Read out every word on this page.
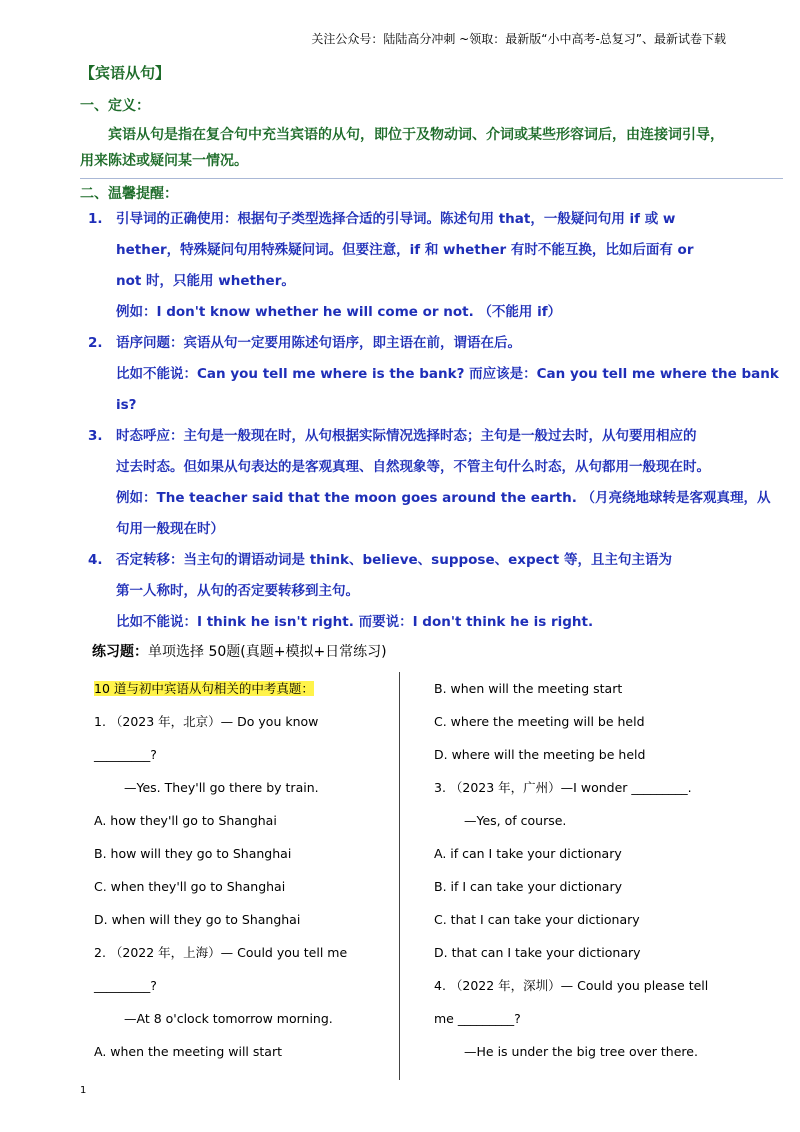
关注公众号：陆陆高分冲刺 ~领取：最新版“小中高考-总复习”、最新试卷下载
【宾语从句】
一、定义：
宾语从句是指在复合句中充当宾语的从句，即位于及物动词、介词或某些形容词后，由连接词引导，用来陈述或疑问某一情况。
二、温馨提醒：
1. 引导词的正确使用：根据句子类型选择合适的引导词。陈述句用 that，一般疑问句用 if 或 w
hether，特殊疑问句用特殊疑问词。但要注意，if 和 whether 有时不能互换，比如后面有 or
not 时，只能用 whether。
例如：I don't know whether he will come or not. （不能用 if）
2. 语序问题：宾语从句一定要用陈述句语序，即主语在前，谓语在后。
比如不能说：Can you tell me where is the bank? 而应该是：Can you tell me where the bank
is?
3. 时态呼应：主句是一般现在时，从句根据实际情况选择时态；主句是一般过去时，从句要用相应的
过去时态。但如果从句表达的是客观真理、自然现象等，不管主句什么时态，从句都用一般现在时。
例如：The teacher said that the moon goes around the earth. （月亮绕地球转是客观真理，从
句用一般现在时）
4. 否定转移：当主句的谓语动词是 think、believe、suppose、expect 等，且主句主语为
第一人称时，从句的否定要转移到主句。
比如不能说：I think he isn't right. 而要说：I don't think he is right.
练习题：单项选择 50题(真题+模拟+日常练习)
10 道与初中宾语从句相关的中考真题：
1. （2023 年，北京）— Do you know
_________?
—Yes. They'll go there by train.
A. how they'll go to Shanghai
B. how will they go to Shanghai
C. when they'll go to Shanghai
D. when will they go to Shanghai
2. （2022 年，上海）— Could you tell me
_________?
—At 8 o'clock tomorrow morning.
A. when the meeting will start
B. when will the meeting start
C. where the meeting will be held
D. where will the meeting be held
3. （2023 年，广州）—I wonder _________.
—Yes, of course.
A. if can I take your dictionary
B. if I can take your dictionary
C. that I can take your dictionary
D. that can I take your dictionary
4. （2022 年，深圳）— Could you please tell
me _________?
—He is under the big tree over there.
1
